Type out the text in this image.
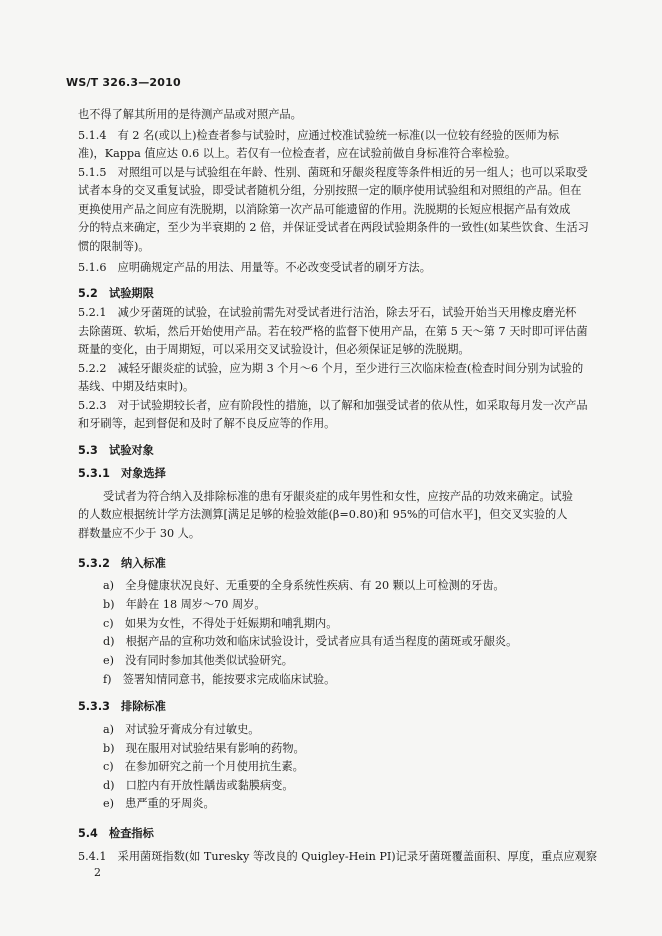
WS/T 326.3—2010
也不得了解其所用的是待测产品或对照产品。
5.1.4　有 2 名(或以上)检查者参与试验时，应通过校准试验统一标准(以一位较有经验的医师为标
准)，Kappa 值应达 0.6 以上。若仅有一位检查者，应在试验前做自身标准符合率检验。
5.1.5　对照组可以是与试验组在年龄、性别、菌斑和牙龈炎程度等条件相近的另一组人；也可以采取受
试者本身的交叉重复试验，即受试者随机分组，分别按照一定的顺序使用试验组和对照组的产品。但在
更换使用产品之间应有洗脱期，以消除第一次产品可能遗留的作用。洗脱期的长短应根据产品有效成
分的特点来确定，至少为半衰期的 2 倍，并保证受试者在两段试验期条件的一致性(如某些饮食、生活习
惯的限制等)。
5.1.6　应明确规定产品的用法、用量等。不必改变受试者的刷牙方法。
5.2　试验期限
5.2.1　减少牙菌斑的试验，在试验前需先对受试者进行洁治，除去牙石，试验开始当天用橡皮磨光杯
去除菌斑、软垢，然后开始使用产品。若在较严格的监督下使用产品，在第 5 天～第 7 天时即可评估菌
斑量的变化，由于周期短，可以采用交叉试验设计，但必须保证足够的洗脱期。
5.2.2　减轻牙龈炎症的试验，应为期 3 个月～6 个月，至少进行三次临床检查(检查时间分别为试验的
基线、中期及结束时)。
5.2.3　对于试验期较长者，应有阶段性的措施，以了解和加强受试者的依从性，如采取每月发一次产品
和牙刷等，起到督促和及时了解不良反应等的作用。
5.3　试验对象
5.3.1　对象选择
受试者为符合纳入及排除标准的患有牙龈炎症的成年男性和女性，应按产品的功效来确定。试验
的人数应根据统计学方法测算[满足足够的检验效能(β=0.80)和 95%的可信水平]，但交叉实验的人
群数量应不少于 30 人。
5.3.2　纳入标准
a)　全身健康状况良好、无重要的全身系统性疾病、有 20 颗以上可检测的牙齿。
b)　年龄在 18 周岁～70 周岁。
c)　如果为女性，不得处于妊娠期和哺乳期内。
d)　根据产品的宣称功效和临床试验设计，受试者应具有适当程度的菌斑或牙龈炎。
e)　没有同时参加其他类似试验研究。
f)　签署知情同意书，能按要求完成临床试验。
5.3.3　排除标准
a)　对试验牙膏成分有过敏史。
b)　现在服用对试验结果有影响的药物。
c)　在参加研究之前一个月使用抗生素。
d)　口腔内有开放性龋齿或黏膜病变。
e)　患严重的牙周炎。
5.4　检查指标
5.4.1　采用菌斑指数(如 Turesky 等改良的 Quigley-Hein PI)记录牙菌斑覆盖面积、厚度，重点应观察
2
